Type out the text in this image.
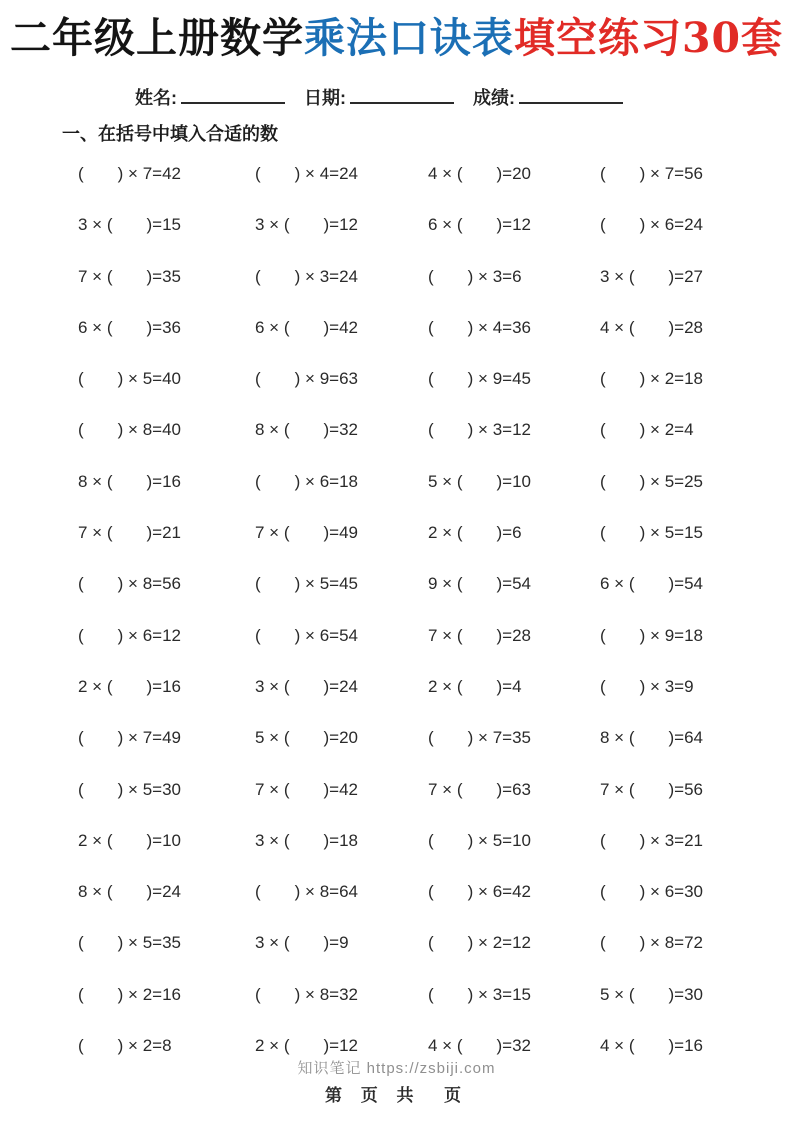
二年级上册数学乘法口诀表填空练习30套
姓名:	日期:	成绩:
一、在括号中填入合适的数
(  ) × 7=42	(  ) × 4=24	4 × (  )=20	(  ) × 7=56
3 × (  )=15	3 × (  )=12	6 × (  )=12	(  ) × 6=24
7 × (  )=35	(  ) × 3=24	(  ) × 3=6	3 × (  )=27
6 × (  )=36	6 × (  )=42	(  ) × 4=36	4 × (  )=28
(  ) × 5=40	(  ) × 9=63	(  ) × 9=45	(  ) × 2=18
(  ) × 8=40	8 × (  )=32	(  ) × 3=12	(  ) × 2=4
8 × (  )=16	(  ) × 6=18	5 × (  )=10	(  ) × 5=25
7 × (  )=21	7 × (  )=49	2 × (  )=6	(  ) × 5=15
(  ) × 8=56	(  ) × 5=45	9 × (  )=54	6 × (  )=54
(  ) × 6=12	(  ) × 6=54	7 × (  )=28	(  ) × 9=18
2 × (  )=16	3 × (  )=24	2 × (  )=4	(  ) × 3=9
(  ) × 7=49	5 × (  )=20	(  ) × 7=35	8 × (  )=64
(  ) × 5=30	7 × (  )=42	7 × (  )=63	7 × (  )=56
2 × (  )=10	3 × (  )=18	(  ) × 5=10	(  ) × 3=21
8 × (  )=24	(  ) × 8=64	(  ) × 6=42	(  ) × 6=30
(  ) × 5=35	3 × (  )=9	(  ) × 2=12	(  ) × 8=72
(  ) × 2=16	(  ) × 8=32	(  ) × 3=15	5 × (  )=30
(  ) × 2=8	2 × (  )=12	4 × (  )=32	4 × (  )=16
知识笔记 https://zsbiji.com
第 页 共  页
